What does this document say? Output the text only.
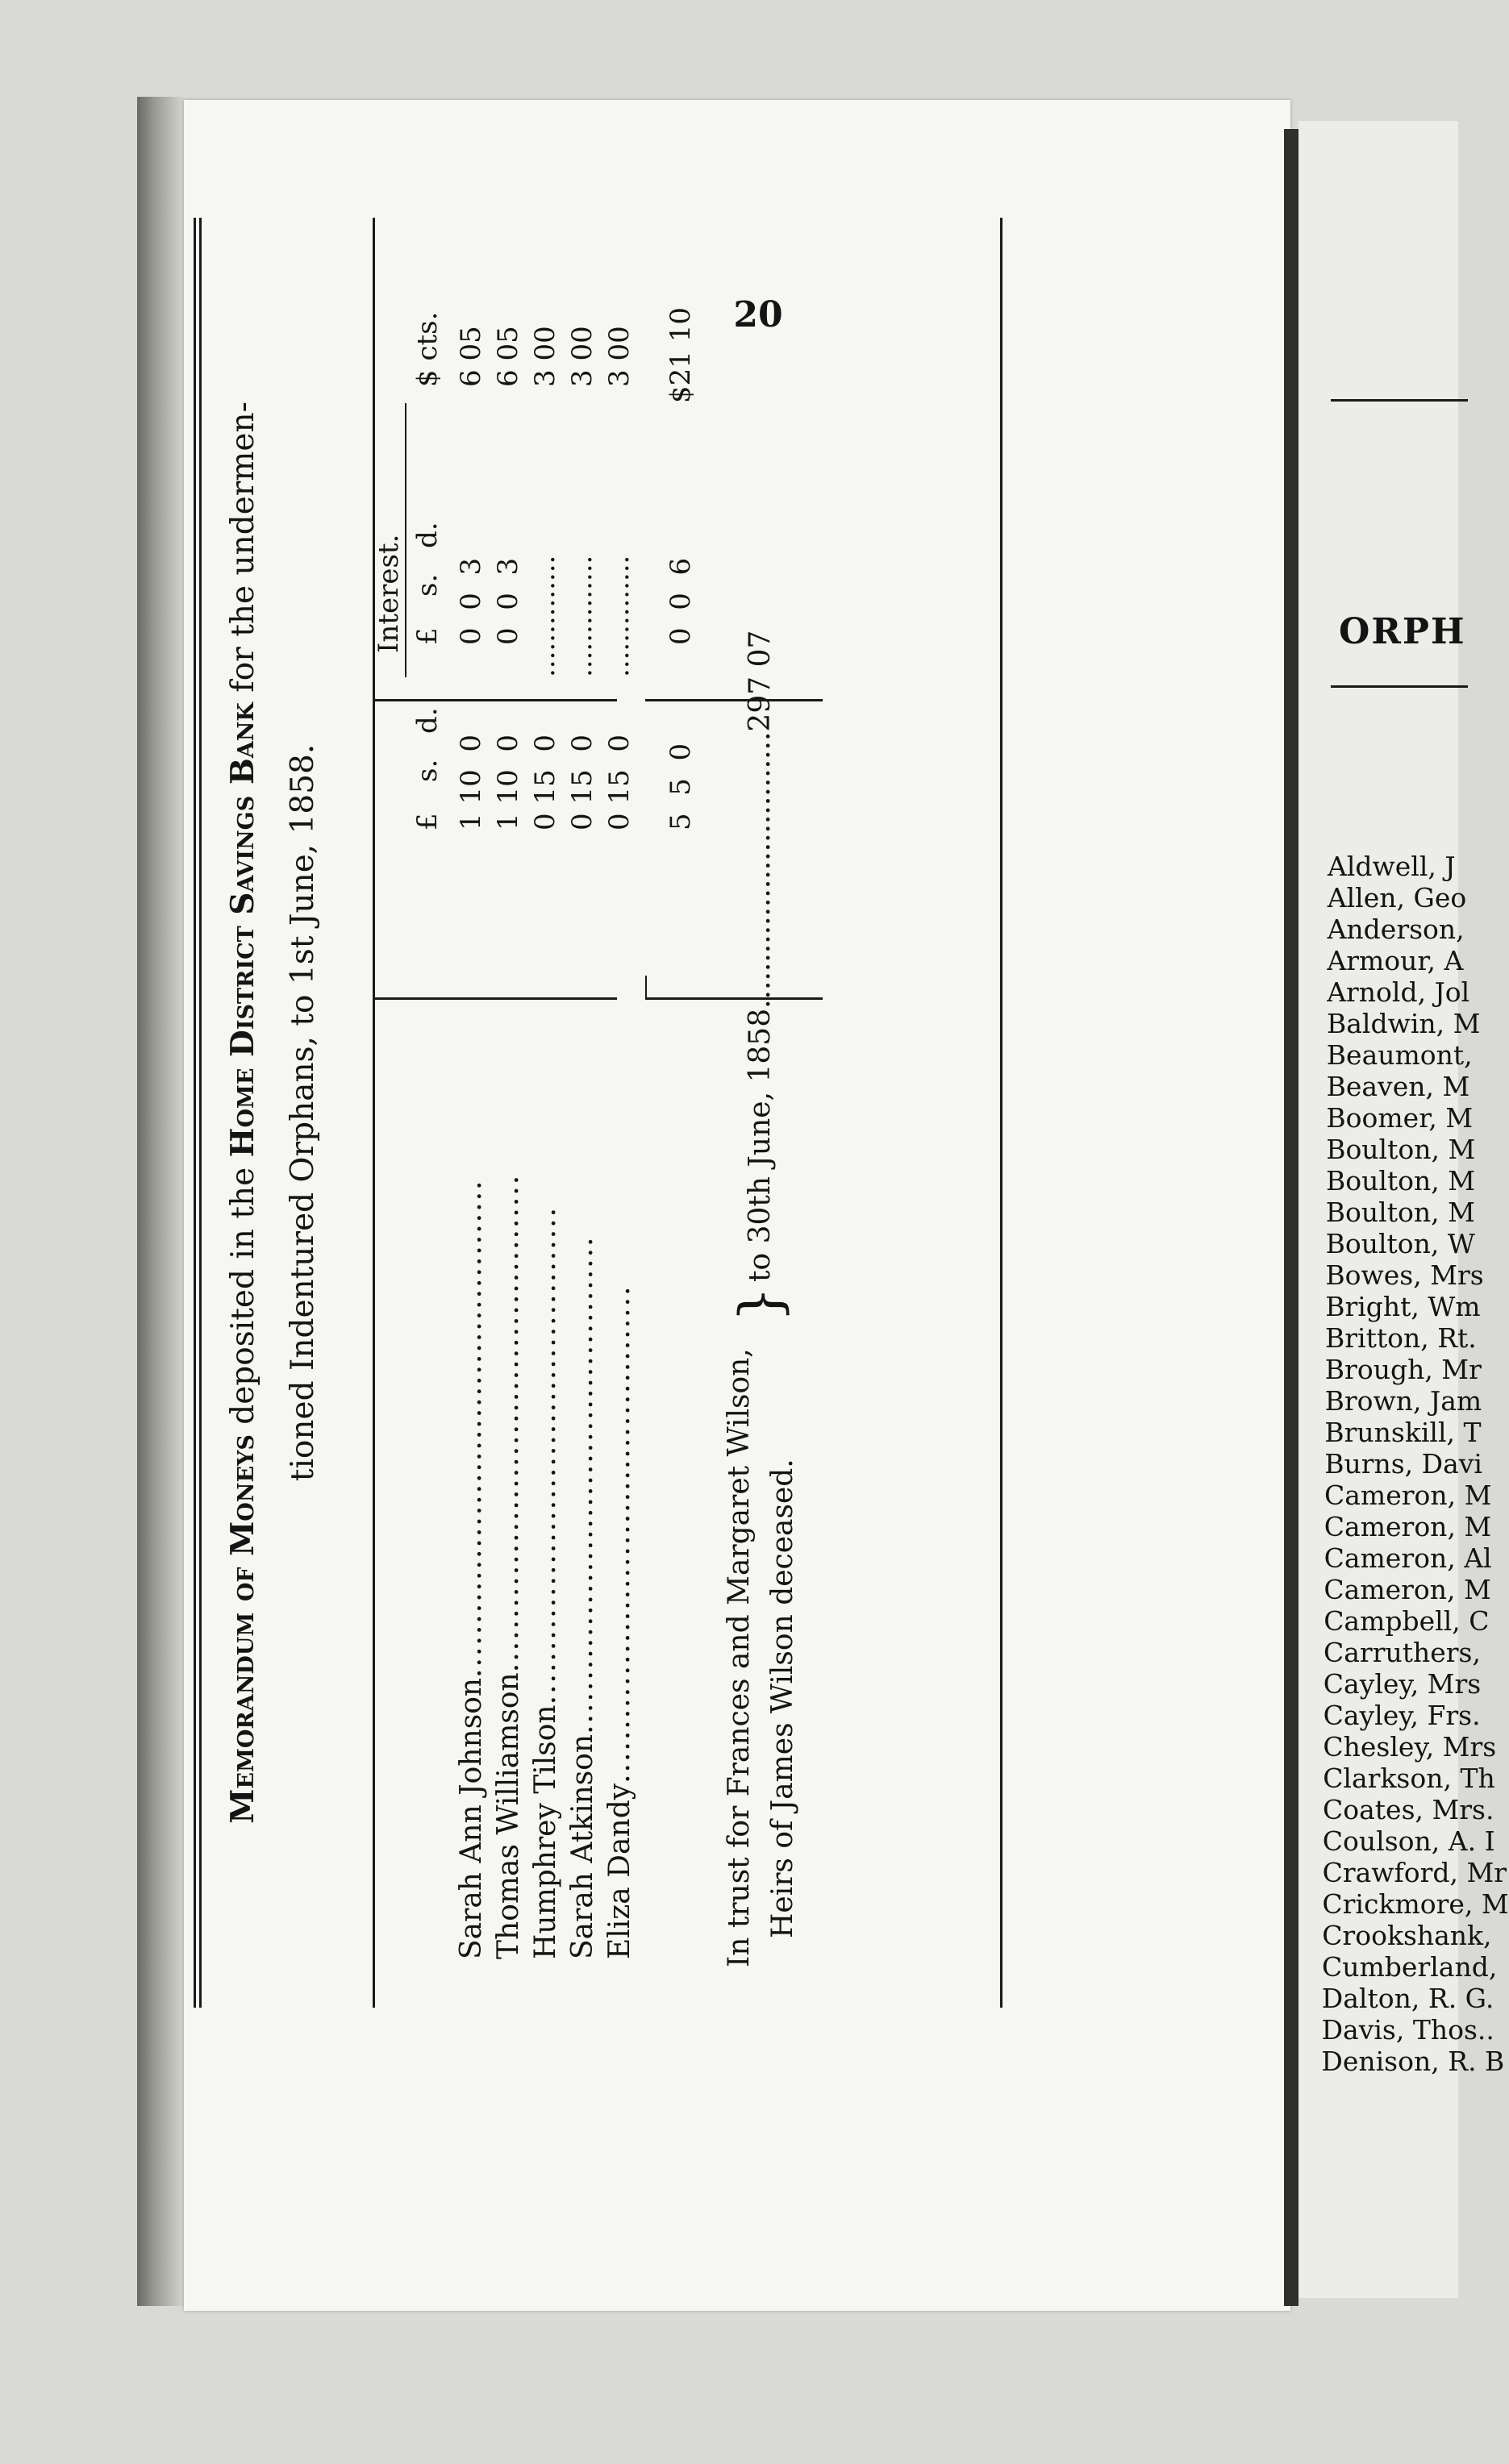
20
Memorandum of Moneys deposited in the Home District Savings Bank for the undermen-
tioned Indentured Orphans, to 1st June, 1858.	£
s.
d.
Interest. £
s.
d.
$ cts.
Sarah Ann Johnson..............................................
1 10  0
0  0  3
6 05
Thomas Williamson..............................................
1 10  0
0  0  3
6 05
Humphrey Tilson..............................................
0 15  0
..............
3 00
Sarah Atkinson..............................................
0 15  0
..............
3 00
Eliza Dandy..............................................
0 15  0
..............
3 00
5  5  0
0  0  6
$21 10
In trust for Frances and Margaret Wilson, Heirs of James Wilson deceased.
}
to 30th June, 1858..............................297 07	ORPH
Aldwell, J
Allen, Geo
Anderson,
Armour, A
Arnold, Jol
Baldwin, M
Beaumont,
Beaven, M
Boomer, M
Boulton, M
Boulton, M
Boulton, M
Boulton, W
Bowes, Mrs
Bright, Wm
Britton, Rt.
Brough, Mr
Brown, Jam
Brunskill, T
Burns, Davi
Cameron, M
Cameron, M
Cameron, Al
Cameron, M
Campbell, C
Carruthers,
Cayley, Mrs
Cayley, Frs.
Chesley, Mrs
Clarkson, Th
Coates, Mrs.
Coulson, A. I
Crawford, Mr
Crickmore, M
Crookshank,
Cumberland,
Dalton, R. G.
Davis, Thos..
Denison, R. B
